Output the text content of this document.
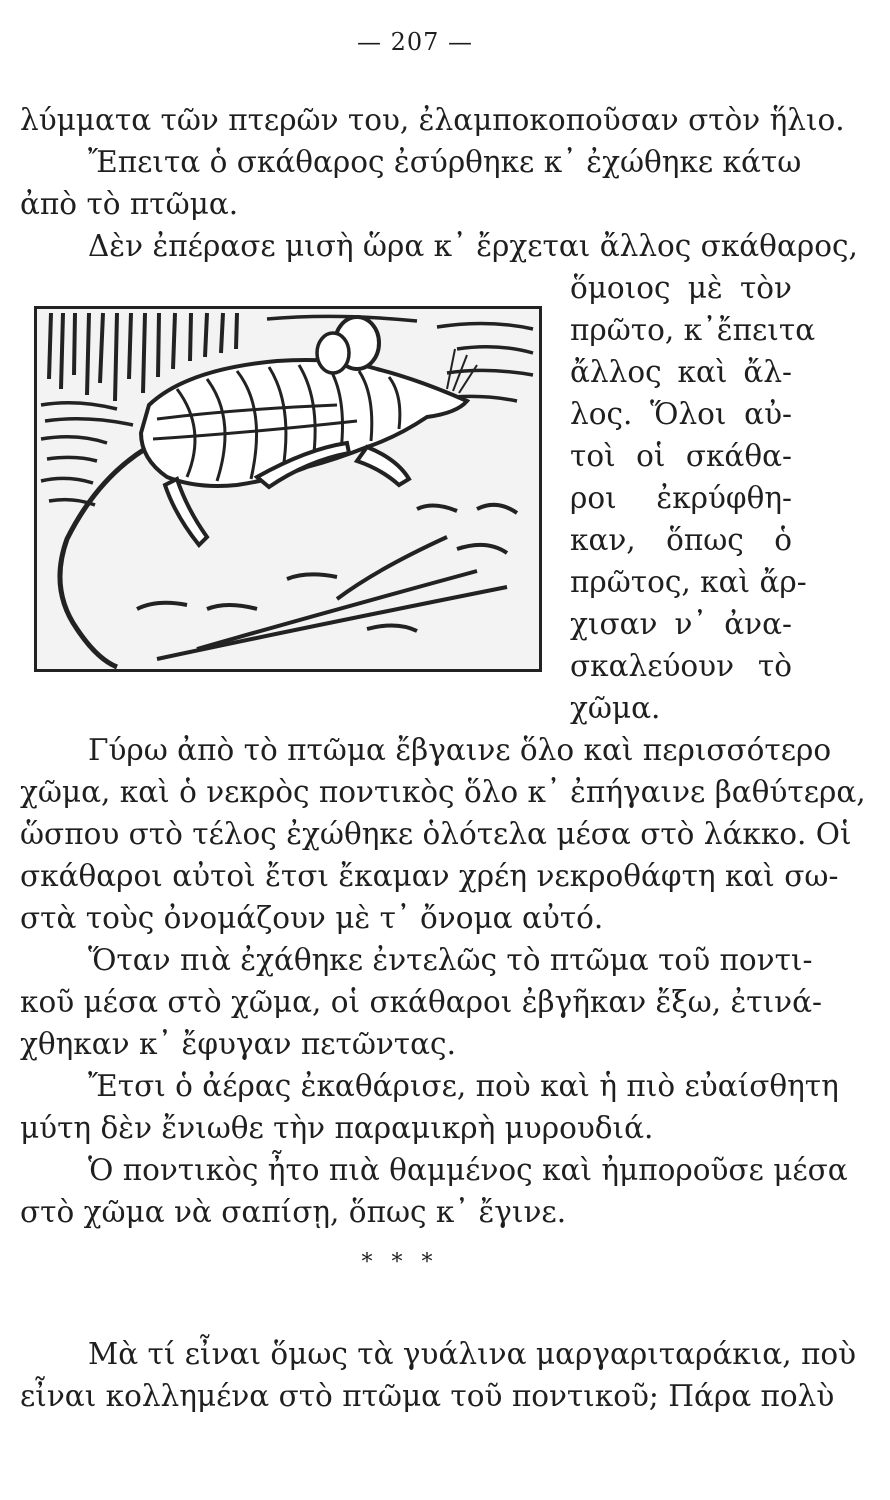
— 207 —
λύμματα τῶν πτερῶν του, ἐλαμποκοποῦσαν στὸν ἥλιο.
Ἔπειτα ὁ σκάθαρος ἐσύρθηκε κ᾽ ἐχώθηκε κάτω
ἀπὸ τὸ πτῶμα.
Δὲν ἐπέρασε μισὴ ὥρα κ᾽ ἔρχεται ἄλλος σκάθαρος,
ὅμοιος μὲ τὸν
πρῶτο, κ᾽ἔπειτα
ἄλλος καὶ ἄλ-
λος. Ὅλοι αὐ-
τοὶ οἱ σκάθα-
ροι ἐκρύφθη-
καν, ὅπως ὁ
πρῶτος, καὶ ἄρ-
χισαν ν᾽ ἀνα-
σκαλεύουν τὸ
χῶμα.
Γύρω ἀπὸ τὸ πτῶμα ἔβγαινε ὅλο καὶ περισσότερο
χῶμα, καὶ ὁ νεκρὸς ποντικὸς ὅλο κ᾽ ἐπήγαινε βαθύτερα,
ὥσπου στὸ τέλος ἐχώθηκε ὁλότελα μέσα στὸ λάκκο. Οἱ
σκάθαροι αὐτοὶ ἔτσι ἔκαμαν χρέη νεκροθάφτη καὶ σω-
στὰ τοὺς ὀνομάζουν μὲ τ᾽ ὄνομα αὐτό.
Ὅταν πιὰ ἐχάθηκε ἐντελῶς τὸ πτῶμα τοῦ ποντι-
κοῦ μέσα στὸ χῶμα, οἱ σκάθαροι ἐβγῆκαν ἔξω, ἐτινά-
χθηκαν κ᾽ ἔφυγαν πετῶντας.
Ἔτσι ὁ ἀέρας ἐκαθάρισε, ποὺ καὶ ἡ πιὸ εὐαίσθητη
μύτη δὲν ἔνιωθε τὴν παραμικρὴ μυρουδιά.
Ὁ ποντικὸς ἦτο πιὰ θαμμένος καὶ ἠμποροῦσε μέσα
στὸ χῶμα νὰ σαπίσῃ, ὅπως κ᾽ ἔγινε.
* * *
Μὰ τί εἶναι ὅμως τὰ γυάλινα μαργαριταράκια, ποὺ
εἶναι κολλημένα στὸ πτῶμα τοῦ ποντικοῦ; Πάρα πολὺ
